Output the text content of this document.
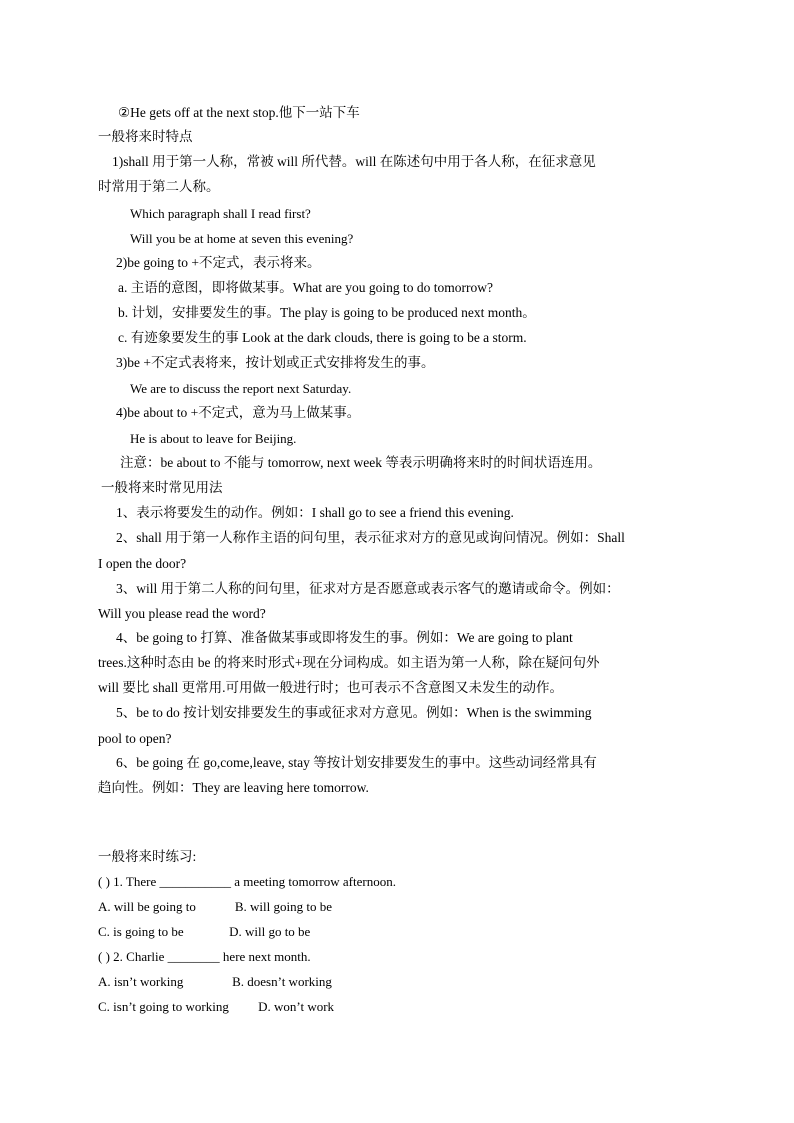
②He gets off at the next stop.他下一站下车
一般将来时特点
1)shall 用于第一人称，常被 will 所代替。will 在陈述句中用于各人称，在征求意见
时常用于第二人称。
Which paragraph shall I read first?
Will you be at home at seven this evening?
2)be going to +不定式，表示将来。
a. 主语的意图，即将做某事。What are you going to do tomorrow?
b. 计划，安排要发生的事。The play is going to be produced next month。
c. 有迹象要发生的事 Look at the dark clouds, there is going to be a storm.
3)be +不定式表将来，按计划或正式安排将发生的事。
We are to discuss the report next Saturday.
4)be about to +不定式，意为马上做某事。
He is about to leave for Beijing.
注意：be about to 不能与 tomorrow, next week 等表示明确将来时的时间状语连用。
一般将来时常见用法
1、表示将要发生的动作。例如：I shall go to see a friend this evening.
2、shall 用于第一人称作主语的问句里，表示征求对方的意见或询问情况。例如：Shall
I open the door?
3、will 用于第二人称的问句里，征求对方是否愿意或表示客气的邀请或命令。例如：
Will you please read the word?
4、be going to 打算、准备做某事或即将发生的事。例如：We are going to plant
trees.这种时态由 be 的将来时形式+现在分词构成。如主语为第一人称，除在疑问句外
will 要比 shall 更常用.可用做一般进行时；也可表示不含意图又未发生的动作。
5、be to do 按计划安排要发生的事或征求对方意见。例如：When is the swimming
pool to open?
6、be going 在 go,come,leave, stay 等按计划安排要发生的事中。这些动词经常具有
趋向性。例如：They are leaving here tomorrow.
一般将来时练习:
( ) 1. There ___________ a meeting tomorrow afternoon.
A. will be going to            B. will going to be
C. is going to be              D. will go to be
( ) 2. Charlie ________ here next month.
A. isn’t working               B. doesn’t working
C. isn’t going to working         D. won’t work
